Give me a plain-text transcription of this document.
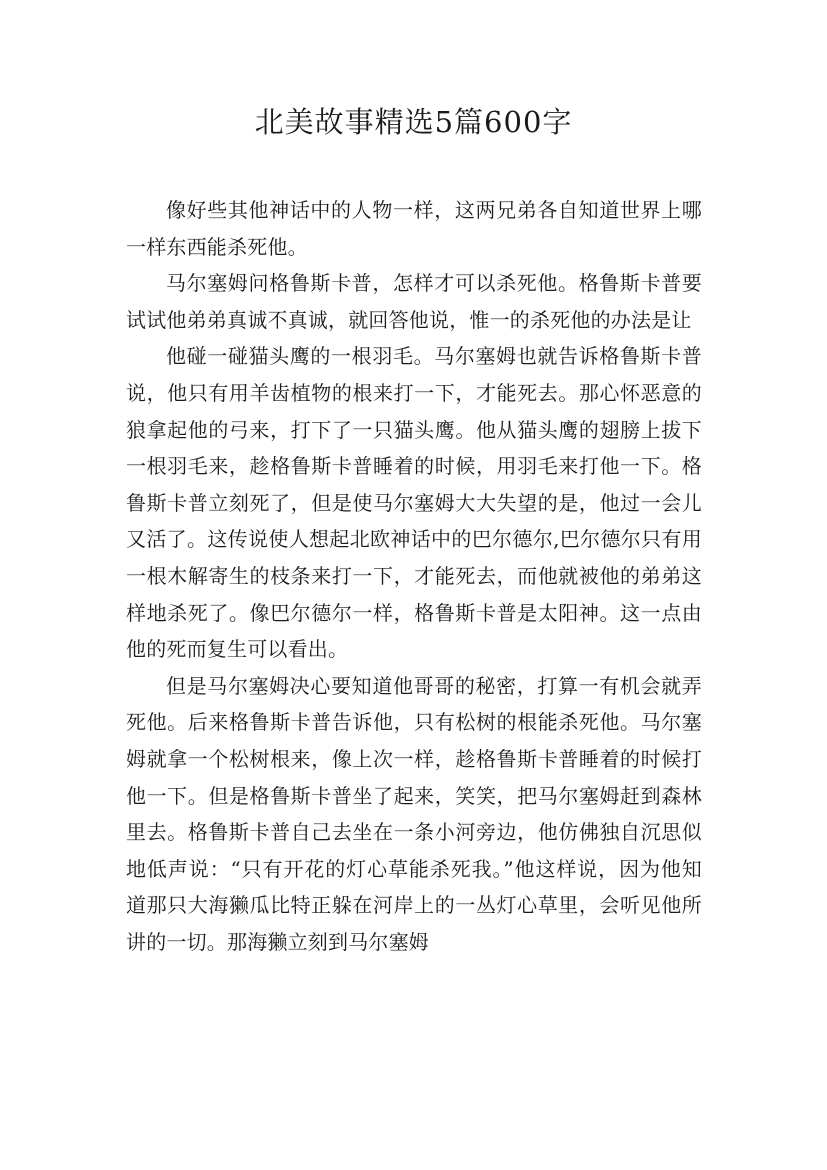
北美故事精选5篇600字

像好些其他神话中的人物一样，这两兄弟各自知道世界上哪一样东西能杀死他。

马尔塞姆问格鲁斯卡普，怎样才可以杀死他。格鲁斯卡普要试试他弟弟真诚不真诚，就回答他说，惟一的杀死他的办法是让

他碰一碰猫头鹰的一根羽毛。马尔塞姆也就告诉格鲁斯卡普说，他只有用羊齿植物的根来打一下，才能死去。那心怀恶意的狼拿起他的弓来，打下了一只猫头鹰。他从猫头鹰的翅膀上拔下一根羽毛来，趁格鲁斯卡普睡着的时候，用羽毛来打他一下。格鲁斯卡普立刻死了，但是使马尔塞姆大大失望的是，他过一会儿又活了。这传说使人想起北欧神话中的巴尔德尔,巴尔德尔只有用一根木解寄生的枝条来打一下，才能死去，而他就被他的弟弟这样地杀死了。像巴尔德尔一样，格鲁斯卡普是太阳神。这一点由他的死而复生可以看出。

但是马尔塞姆决心要知道他哥哥的秘密，打算一有机会就弄死他。后来格鲁斯卡普告诉他，只有松树的根能杀死他。马尔塞姆就拿一个松树根来，像上次一样，趁格鲁斯卡普睡着的时候打他一下。但是格鲁斯卡普坐了起来，笑笑，把马尔塞姆赶到森林里去。格鲁斯卡普自己去坐在一条小河旁边，他仿佛独自沉思似地低声说：“只有开花的灯心草能杀死我。”他这样说，因为他知道那只大海獭瓜比特正躲在河岸上的一丛灯心草里，会听见他所讲的一切。那海獭立刻到马尔塞姆
